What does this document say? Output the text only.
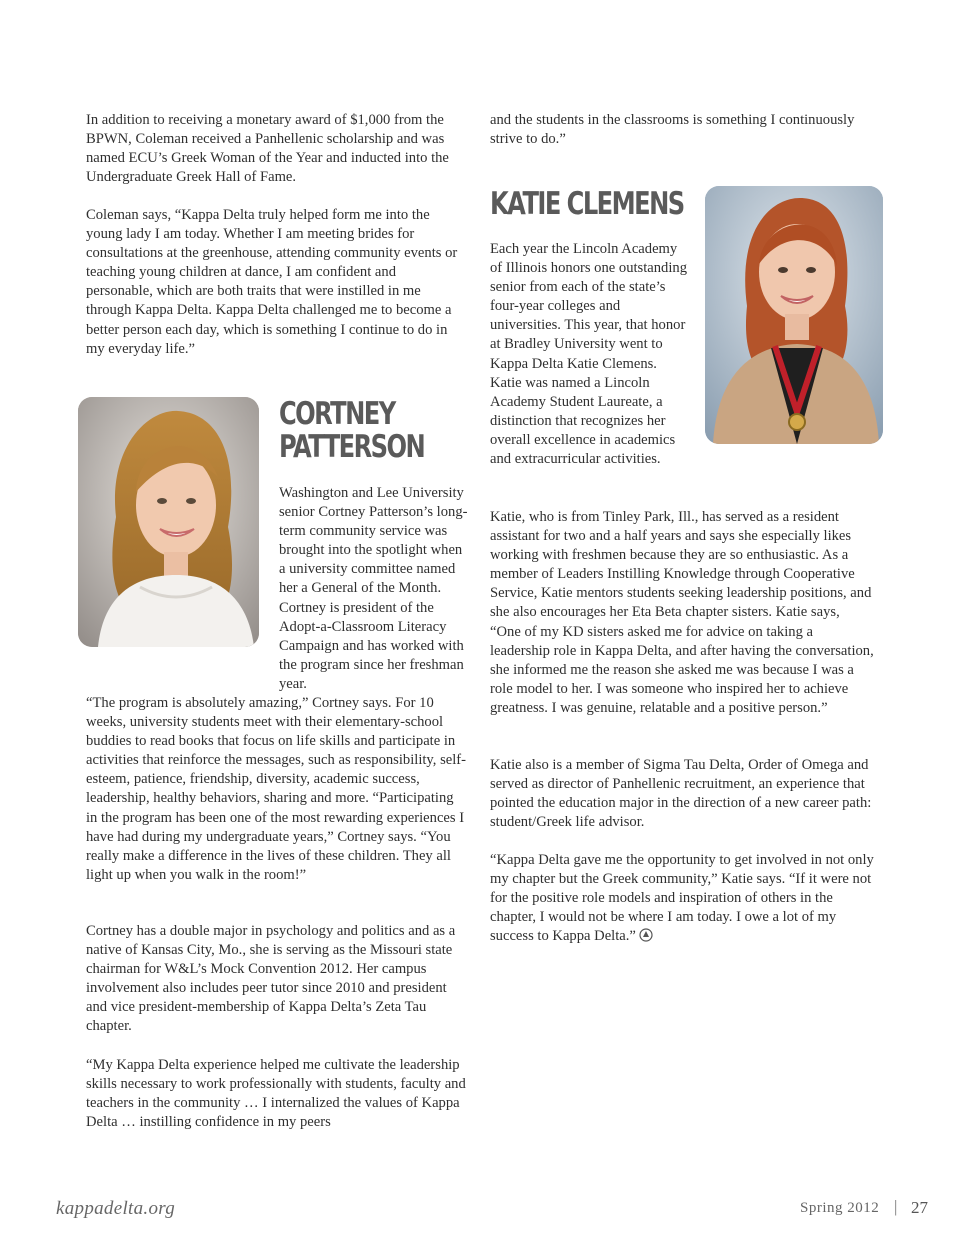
In addition to receiving a monetary award of $1,000 from the BPWN, Coleman received a Panhellenic scholarship and was named ECU’s Greek Woman of the Year and inducted into the Undergraduate Greek Hall of Fame.

Coleman says, “Kappa Delta truly helped form me into the young lady I am today. Whether I am meeting brides for consultations at the greenhouse, attending community events or teaching young children at dance, I am confident and personable, which are both traits that were instilled in me through Kappa Delta. Kappa Delta challenged me to become a better person each day, which is something I continue to do in my everyday life.”

CORTNEY
PATTERSON

Washington and Lee University senior Cortney Patterson’s long-term community service was brought into the spotlight when a university committee named her a General of the Month. Cortney is president of the Adopt-a-Classroom Literacy Campaign and has worked with the program since her freshman year.

“The program is absolutely amazing,” Cortney says. For 10 weeks, university students meet with their elementary-school buddies to read books that focus on life skills and participate in activities that reinforce the messages, such as responsibility, self-esteem, patience, friendship, diversity, academic success, leadership, healthy behaviors, sharing and more. “Participating in the program has been one of the most rewarding experiences I have had during my undergraduate years,” Cortney says. “You really make a difference in the lives of these children. They all light up when you walk in the room!”

Cortney has a double major in psychology and politics and as a native of Kansas City, Mo., she is serving as the Missouri state chairman for W&L’s Mock Convention 2012. Her campus involvement also includes peer tutor since 2010 and president and vice president-membership of Kappa Delta’s Zeta Tau chapter.

“My Kappa Delta experience helped me cultivate the leadership skills necessary to work professionally with students, faculty and teachers in the community … I internalized the values of Kappa Delta … instilling confidence in my peers

and the students in the classrooms is something I continuously strive to do.”

KATIE CLEMENS

Each year the Lincoln Academy of Illinois honors one outstanding senior from each of the state’s four-year colleges and universities. This year, that honor at Bradley University went to Kappa Delta Katie Clemens. Katie was named a Lincoln Academy Student Laureate, a distinction that recognizes her overall excellence in academics and extracurricular activities.

Katie, who is from Tinley Park, Ill., has served as a resident assistant for two and a half years and says she especially likes working with freshmen because they are so enthusiastic. As a member of Leaders Instilling Knowledge through Cooperative Service, Katie mentors students seeking leadership positions, and she also encourages her Eta Beta chapter sisters. Katie says, “One of my KD sisters asked me for advice on taking a leadership role in Kappa Delta, and after having the conversation, she informed me the reason she asked me was because I was a role model to her. I was someone who inspired her to achieve greatness. I was genuine, relatable and a positive person.”

Katie also is a member of Sigma Tau Delta, Order of Omega and served as director of Panhellenic recruitment, an experience that pointed the education major in the direction of a new career path: student/Greek life advisor.

“Kappa Delta gave me the opportunity to get involved in not only my chapter but the Greek community,” Katie says. “If it were not for the positive role models and inspiration of others in the chapter, I would not be where I am today. I owe a lot of my success to Kappa Delta.”

kappadelta.org	Spring 2012 | 27
